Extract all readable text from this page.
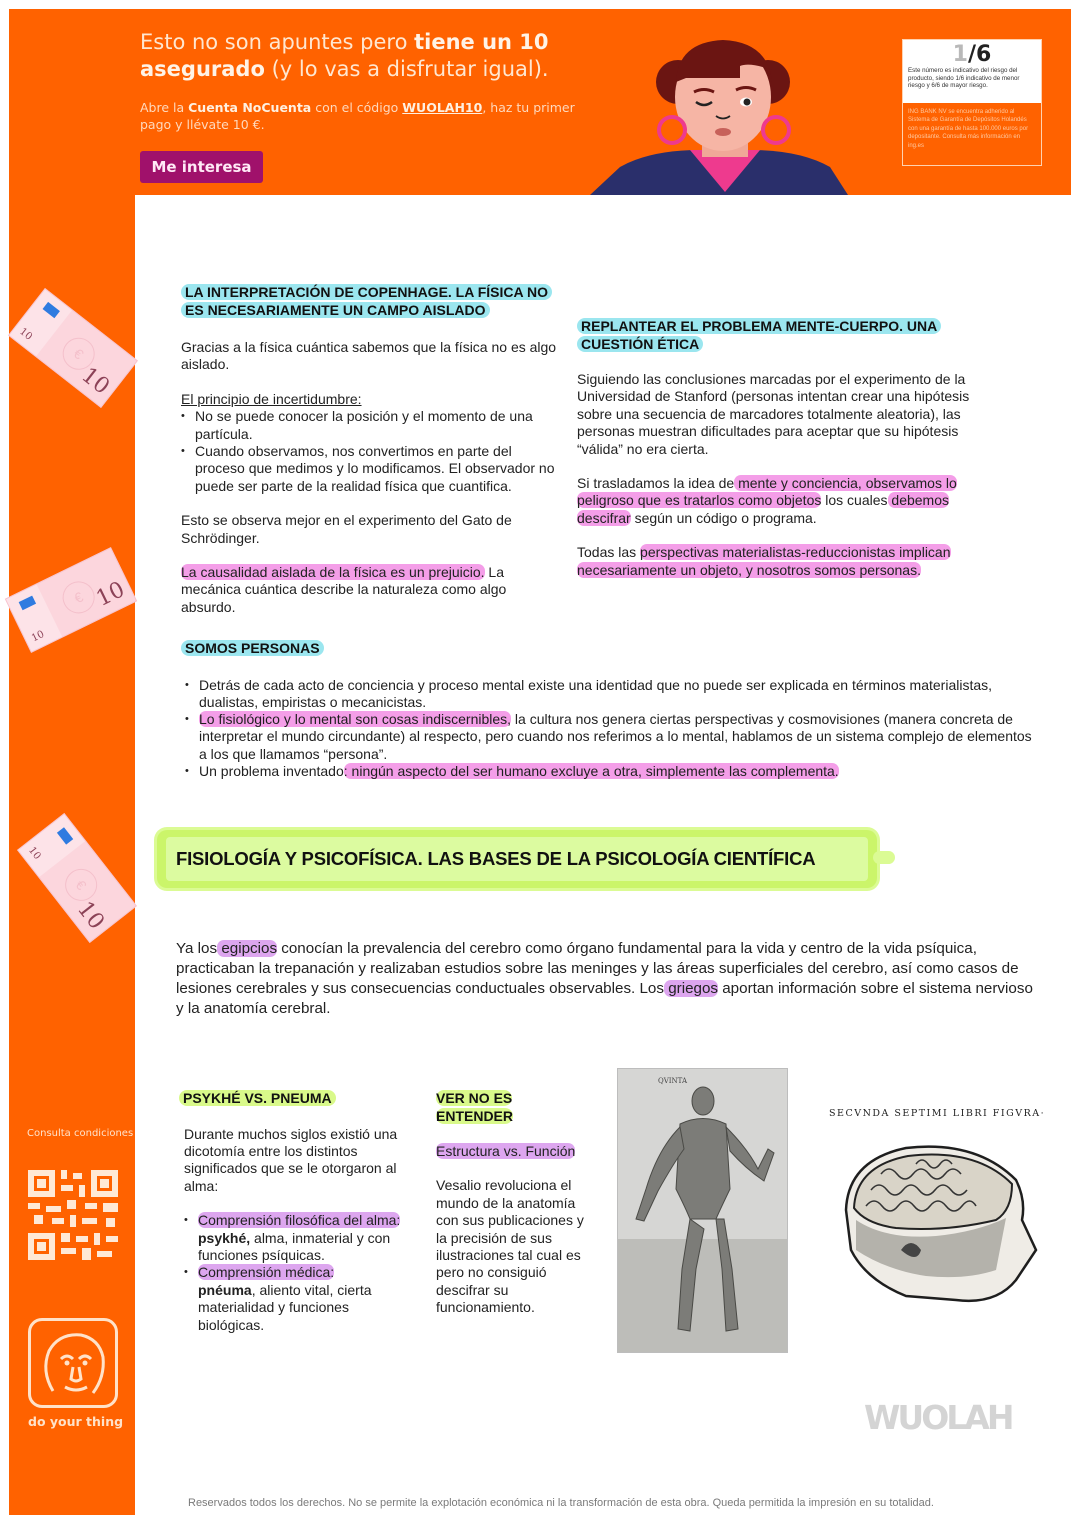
Esto no son apuntes pero tiene un 10 asegurado (y lo vas a disfrutar igual).
Abre la Cuenta NoCuenta con el código WUOLAH10, haz tu primer pago y llévate 10 €.
Me interesa
1/6
Este número es indicativo del riesgo del producto, siendo 1/6 indicativo de menor riesgo y 6/6 de mayor riesgo.
ING BANK NV se encuentra adherido al Sistema de Garantía de Depósitos Holandés con una garantía de hasta 100.000 euros por depositante. Consulta más información en ing.es
€
10
10
€ 10
10
€
10
10
Consulta condiciones aquí
do your thing
LA INTERPRETACIÓN DE COPENHAGE. LA FÍSICA NO ES NECESARIAMENTE UN CAMPO AISLADO

Gracias a la física cuántica sabemos que la física no es algo aislado.

El principio de incertidumbre:

• No se puede conocer la posición y el momento de una partícula.
• Cuando observamos, nos convertimos en parte del proceso que medimos y lo modificamos. El observador no puede ser parte de la realidad física que cuantifica.

Esto se observa mejor en el experimento del Gato de Schrödinger.

La causalidad aislada de la física es un prejuicio. La mecánica cuántica describe la naturaleza como algo absurdo.

REPLANTEAR EL PROBLEMA MENTE-CUERPO. UNA CUESTIÓN ÉTICA

Siguiendo las conclusiones marcadas por el experimento de la Universidad de Stanford (personas intentan crear una hipótesis sobre una secuencia de marcadores totalmente aleatoria), las personas muestran dificultades para aceptar que su hipótesis “válida” no era cierta.

Si trasladamos la idea de mente y conciencia, observamos lo peligroso que es tratarlos como objetos los cuales debemos descifrar según un código o programa.

Todas las perspectivas materialistas-reduccionistas implican necesariamente un objeto, y nosotros somos personas.

SOMOS PERSONAS
• Detrás de cada acto de conciencia y proceso mental existe una identidad que no puede ser explicada en términos materialistas, dualistas, empiristas o mecanicistas.
• Lo fisiológico y lo mental son cosas indiscernibles, la cultura nos genera ciertas perspectivas y cosmovisiones (manera concreta de interpretar el mundo circundante) al respecto, pero cuando nos referimos a lo mental, hablamos de un sistema complejo de elementos a los que llamamos “persona”.
• Un problema inventado: ningún aspecto del ser humano excluye a otra, simplemente las complementa.
FISIOLOGÍA Y PSICOFÍSICA. LAS BASES DE LA PSICOLOGÍA CIENTÍFICA

Ya los egipcios conocían la prevalencia del cerebro como órgano fundamental para la vida y centro de la vida psíquica, practicaban la trepanación y realizaban estudios sobre las meninges y las áreas superficiales del cerebro, así como casos de lesiones cerebrales y sus consecuencias conductuales observables. Los griegos aportan información sobre el sistema nervioso y la anatomía cerebral.

PSYKHÉ VS. PNEUMA

Durante muchos siglos existió una dicotomía entre los distintos significados que se le otorgaron al alma:

• Comprensión filosófica del alma: psykhé, alma, inmaterial y con funciones psíquicas.
• Comprensión médica:
pnéuma, aliento vital, cierta materialidad y funciones biológicas.
VER NO ES ENTENDER

Estructura vs. Función

Vesalio revoluciona el mundo de la anatomía con sus publicaciones y la precisión de sus ilustraciones tal cual es pero no consiguió descifrar su funcionamiento.

QVINTA
SECVNDA SEPTIMI LIBRI FIGVRA·
WUOLAH
Reservados todos los derechos. No se permite la explotación económica ni la transformación de esta obra. Queda permitida la impresión en su totalidad.
